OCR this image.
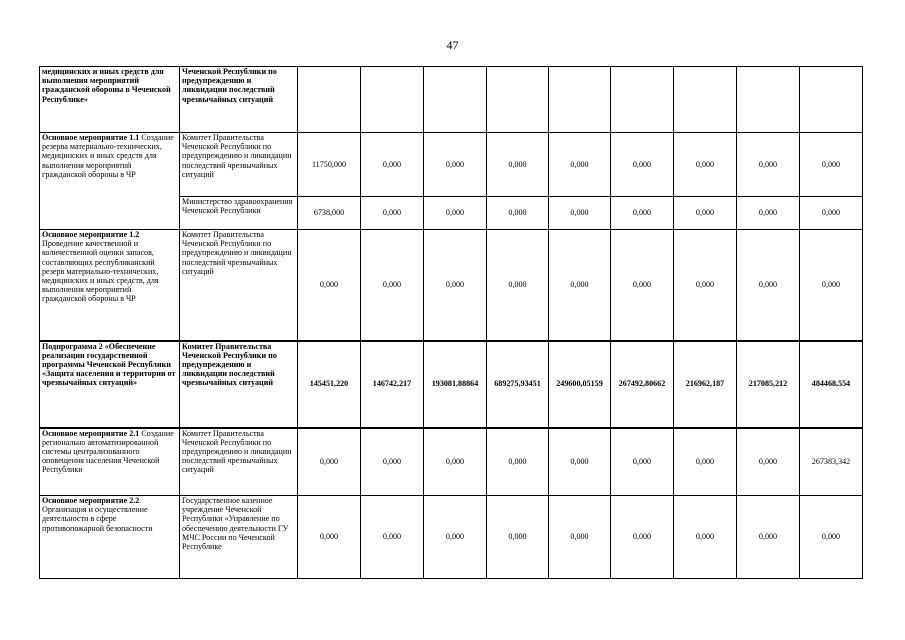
47
медицинских и иных средств для выполнения мероприятий гражданской обороны в Чеченской Республике»	Чеченской Республики по предупреждению и ликвидации последствий чрезвычайных ситуаций									
Основное мероприятие 1.1 Создание резерва материально-технических, медицинских и иных средств для выполнения мероприятий гражданской обороны в ЧР	Комитет Правительства Чеченской Республики по предупреждению и ликвидации последствий чрезвычайных ситуаций	11750,000	0,000	0,000	0,000	0,000	0,000	0,000	0,000	0,000
	Министерство здравоохранения Чеченской Республики	6738,000	0,000	0,000	0,000	0,000	0,000	0,000	0,000	0,000
Основное мероприятие 1.2 Проведение качественной и количественной оценки запасов, составляющих республиканский резерв материально-технических, медицинских и иных средств, для выполнения мероприятий гражданской обороны в ЧР	Комитет Правительства Чеченской Республики по предупреждению и ликвидации последствий чрезвычайных ситуаций	0,000	0,000	0,000	0,000	0,000	0,000	0,000	0,000	0,000
Подпрограмма 2 «Обеспечение реализации государственной программы Чеченской Республики «Защита населения и территории от чрезвычайных ситуаций»	Комитет Правительства Чеченской Республики по предупреждению и ликвидации последствий чрезвычайных ситуаций	145451,220	146742,217	193081,88864	689275,93451	249600,05159	267492,80662	216962,187	217085,212	484468,554
Основное мероприятие 2.1 Создание регионально автоматизированной системы централизованного оповещения населения Чеченской Республики	Комитет Правительства Чеченской Республики по предупреждению и ликвидации последствий чрезвычайных ситуаций	0,000	0,000	0,000	0,000	0,000	0,000	0,000	0,000	267383,342
Основное мероприятие 2.2 Организация и осуществление деятельности в сфере противопожарной безопасности	Государственное казенное учреждение Чеченской Республики «Управление по обеспечению деятельности ГУ МЧС России по Чеченской Республике	0,000	0,000	0,000	0,000	0,000	0,000	0,000	0,000	0,000
